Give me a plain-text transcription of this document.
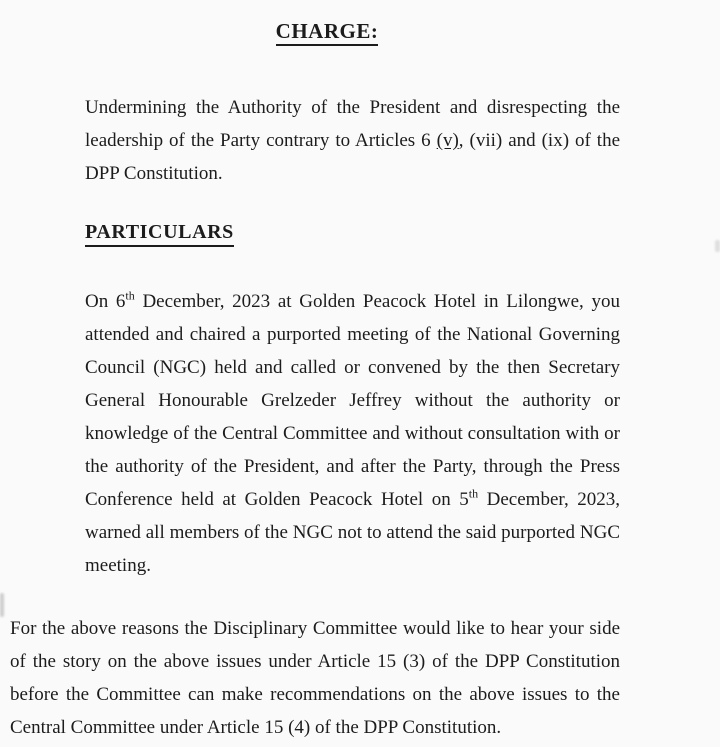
CHARGE:

Undermining the Authority of the President and disrespecting the leadership of the Party contrary to Articles 6 (v), (vii) and (ix) of the DPP Constitution.

PARTICULARS

On 6th December, 2023 at Golden Peacock Hotel in Lilongwe, you attended and chaired a purported meeting of the National Governing Council (NGC) held and called or convened by the then Secretary General Honourable Grelzeder Jeffrey without the authority or knowledge of the Central Committee and without consultation with or the authority of the President, and after the Party, through the Press Conference held at Golden Peacock Hotel on 5th December, 2023, warned all members of the NGC not to attend the said purported NGC meeting.

For the above reasons the Disciplinary Committee would like to hear your side of the story on the above issues under Article 15 (3) of the DPP Constitution before the Committee can make recommendations on the above issues to the Central Committee under Article 15 (4) of the DPP Constitution.
